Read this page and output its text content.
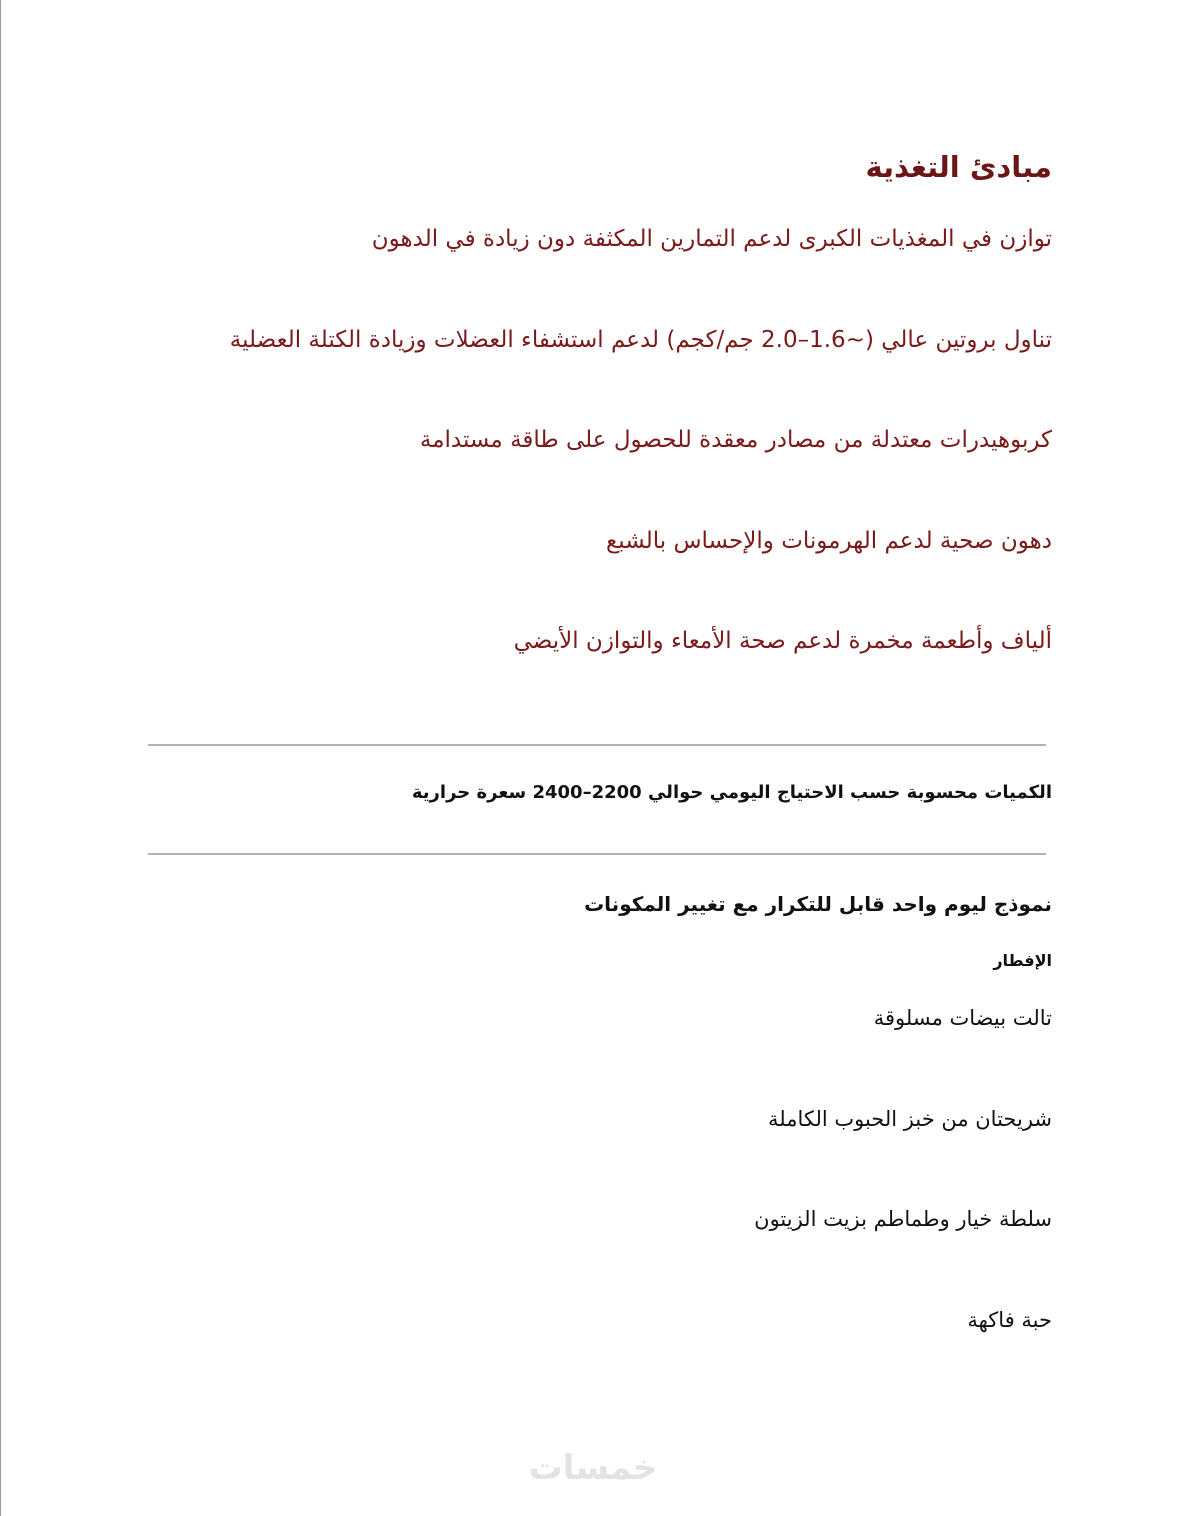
مبادئ التغذية
توازن في المغذيات الكبرى لدعم التمارين المكثفة دون زيادة في الدهون
تناول بروتين عالي (~1.6–2.0 جم/كجم) لدعم استشفاء العضلات وزيادة الكتلة العضلية
كربوهيدرات معتدلة من مصادر معقدة للحصول على طاقة مستدامة
دهون صحية لدعم الهرمونات والإحساس بالشبع
ألياف وأطعمة مخمرة لدعم صحة الأمعاء والتوازن الأيضي
الكميات محسوبة حسب الاحتياج اليومي حوالي 2200–2400 سعرة حرارية
نموذج ليوم واحد قابل للتكرار مع تغيير المكونات
الإفطار
تالت بيضات مسلوقة
شريحتان من خبز الحبوب الكاملة
سلطة خيار وطماطم بزيت الزيتون
حبة فاكهة
خمسات
